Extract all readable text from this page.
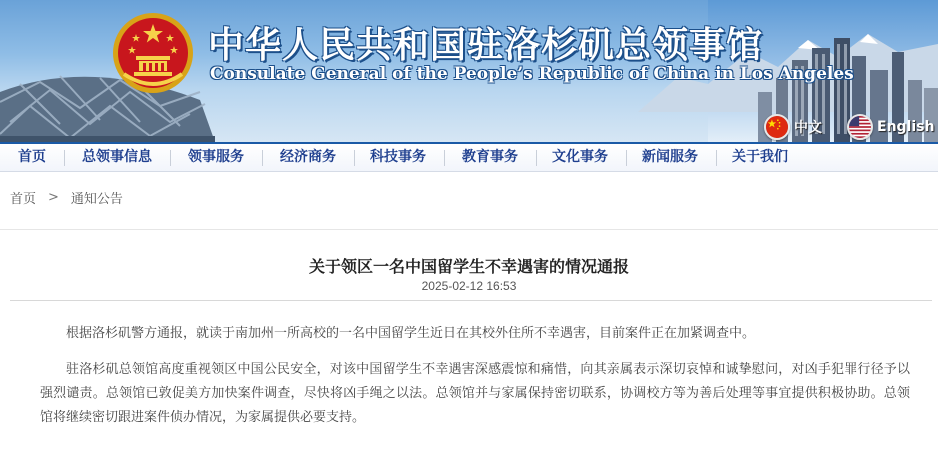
中华人民共和国驻洛杉矶总领事馆
Consulate General of the People’s Republic of China in Los Angeles
中文	English
首页	总领事信息	领事服务	经济商务	科技事务	教育事务	文化事务	新闻服务	关于我们
首页 > 通知公告
关于领区一名中国留学生不幸遇害的情况通报
2025-02-12 16:53

根据洛杉矶警方通报，就读于南加州一所高校的一名中国留学生近日在其校外住所不幸遇害，目前案件正在加紧调查中。

驻洛杉矶总领馆高度重视领区中国公民安全，对该中国留学生不幸遇害深感震惊和痛惜，向其亲属表示深切哀悼和诚挚慰问，对凶手犯罪行径予以强烈谴责。总领馆已敦促美方加快案件调查，尽快将凶手绳之以法。总领馆并与家属保持密切联系，协调校方等为善后处理等事宜提供积极协助。总领馆将继续密切跟进案件侦办情况，为家属提供必要支持。
